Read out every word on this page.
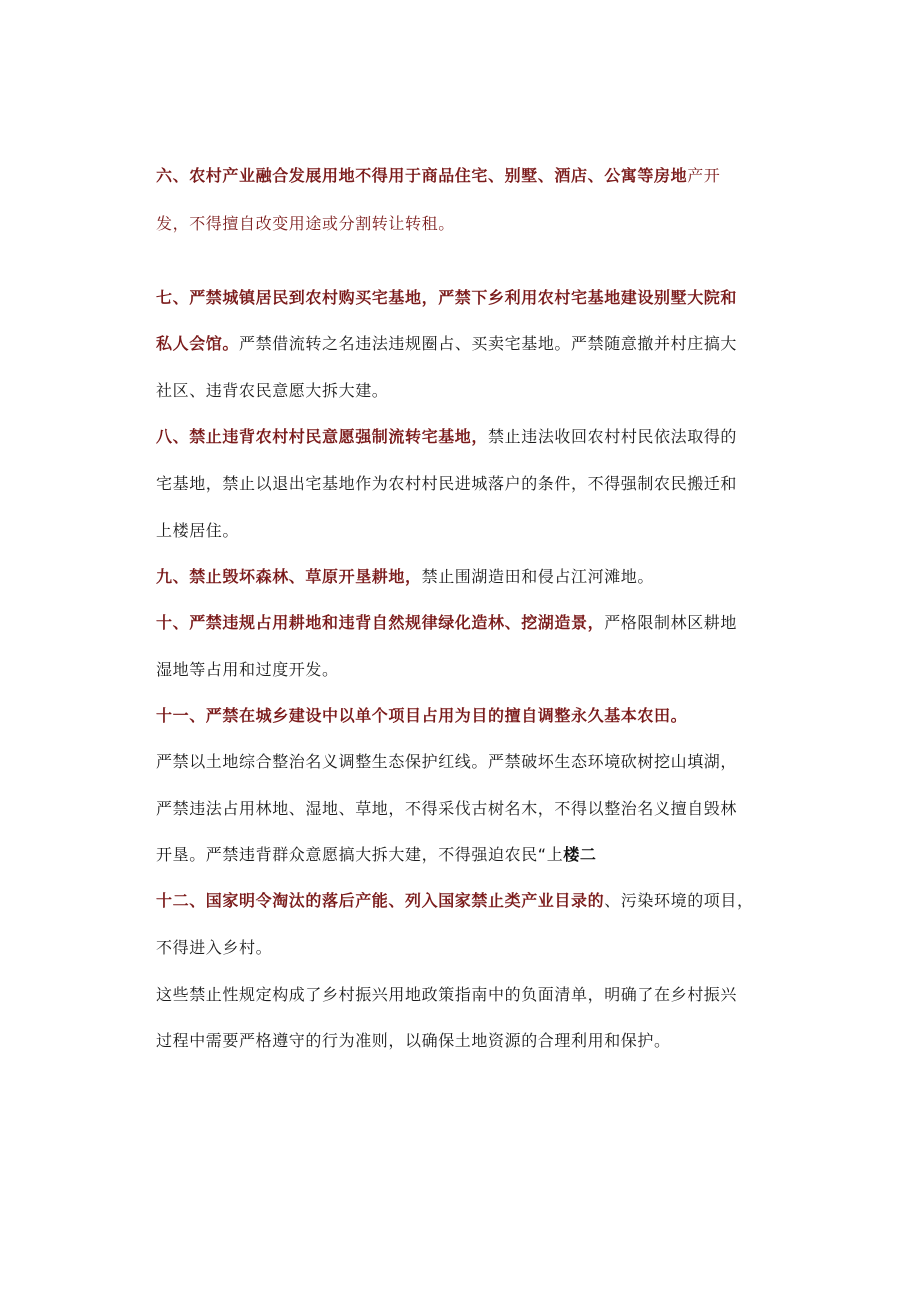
六、农村产业融合发展用地不得用于商品住宅、别墅、酒店、公寓等房地产开
发，不得擅自改变用途或分割转让转租。
七、严禁城镇居民到农村购买宅基地，严禁下乡利用农村宅基地建设别墅大院和
私人会馆。严禁借流转之名违法违规圈占、买卖宅基地。严禁随意撤并村庄搞大
社区、违背农民意愿大拆大建。
八、禁止违背农村村民意愿强制流转宅基地，禁止违法收回农村村民依法取得的
宅基地，禁止以退出宅基地作为农村村民进城落户的条件，不得强制农民搬迁和
上楼居住。
九、禁止毁坏森林、草原开垦耕地，禁止围湖造田和侵占江河滩地。
十、严禁违规占用耕地和违背自然规律绿化造林、挖湖造景，严格限制林区耕地
湿地等占用和过度开发。
十一、严禁在城乡建设中以单个项目占用为目的擅自调整永久基本农田。
严禁以土地综合整治名义调整生态保护红线。严禁破坏生态环境砍树挖山填湖，
严禁违法占用林地、湿地、草地，不得采伐古树名木，不得以整治名义擅自毁林
开垦。严禁违背群众意愿搞大拆大建，不得强迫农民“上楼二
十二、国家明令淘汰的落后产能、列入国家禁止类产业目录的、污染环境的项目，
不得进入乡村。
这些禁止性规定构成了乡村振兴用地政策指南中的负面清单，明确了在乡村振兴
过程中需要严格遵守的行为准则，以确保土地资源的合理利用和保护。
